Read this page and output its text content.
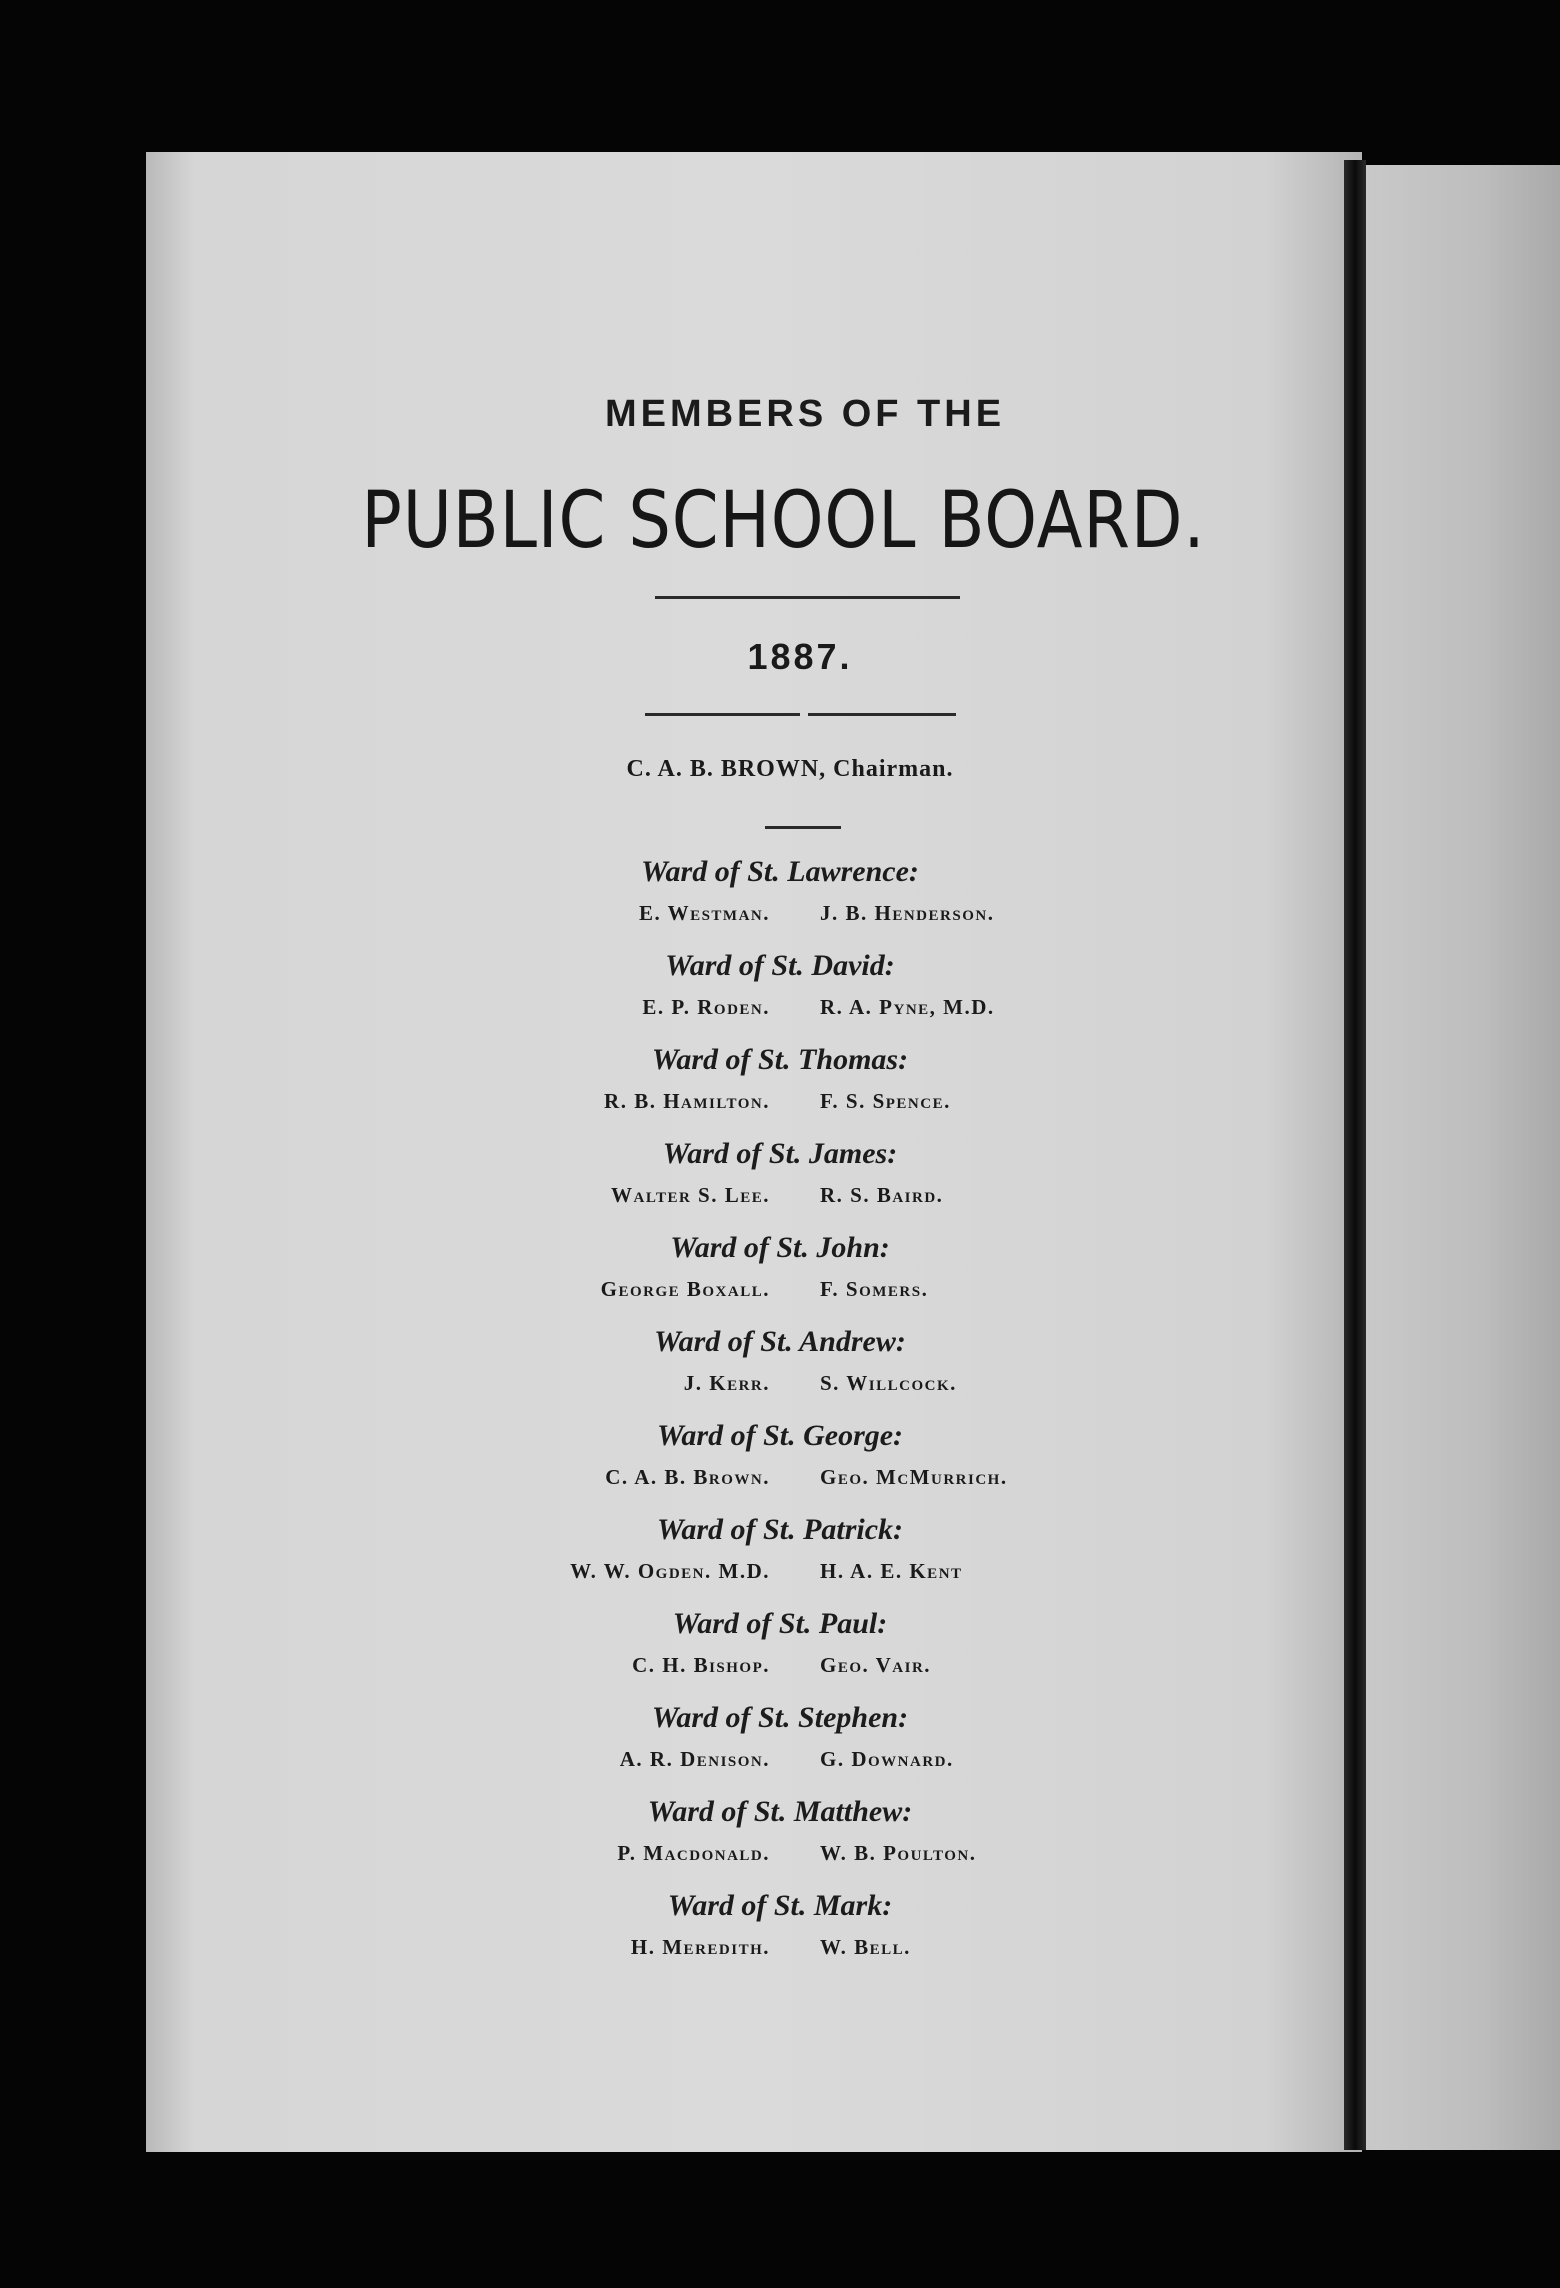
MEMBERS OF THE
PUBLIC SCHOOL BOARD.
1887.
C. A. B. BROWN, Chairman.
Ward of St. Lawrence:
E. Westman. J. B. Henderson.
Ward of St. David:
E. P. Roden. R. A. Pyne, M.D.
Ward of St. Thomas:
R. B. Hamilton. F. S. Spence.
Ward of St. James:
Walter S. Lee. R. S. Baird.
Ward of St. John:
George Boxall. F. Somers.
Ward of St. Andrew:
J. Kerr. S. Willcock.
Ward of St. George:
C. A. B. Brown. Geo. McMurrich.
Ward of St. Patrick:
W. W. Ogden. M.D. H. A. E. Kent
Ward of St. Paul:
C. H. Bishop. Geo. Vair.
Ward of St. Stephen:
A. R. Denison. G. Downard.
Ward of St. Matthew:
P. Macdonald. W. B. Poulton.
Ward of St. Mark:
H. Meredith. W. Bell.
